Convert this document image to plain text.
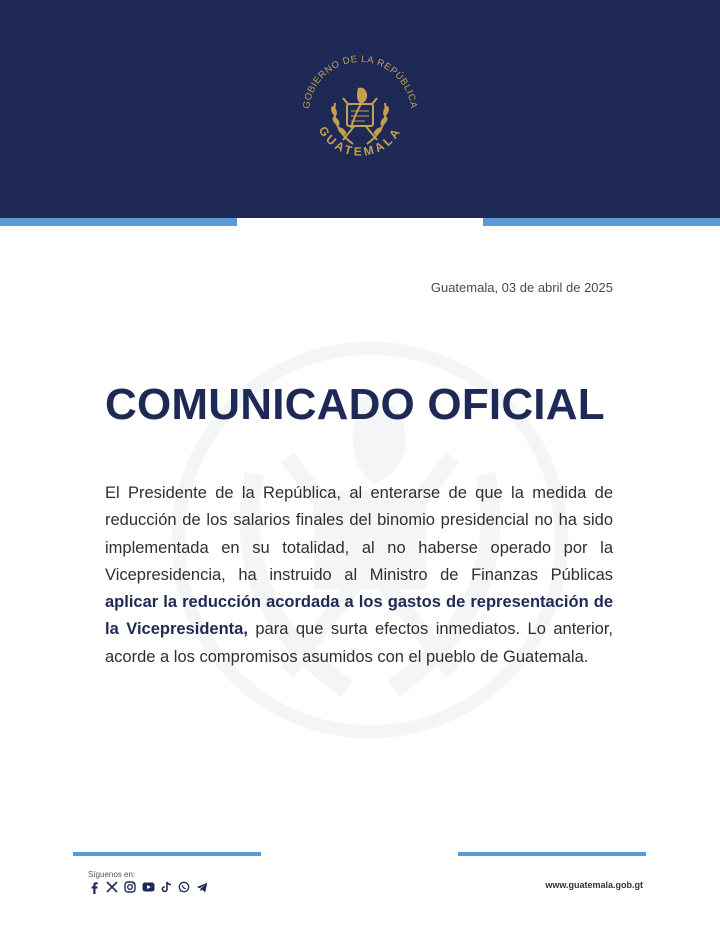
GOBIERNO DE LA REPÚBLICA
GUATEMALA
Guatemala, 03 de abril de 2025
COMUNICADO OFICIAL

El Presidente de la República, al enterarse de que la medida de reducción de los salarios finales del binomio presidencial no ha sido implementada en su totalidad, al no haberse operado por la Vicepresidencia, ha instruido al Ministro de Finanzas Públicas aplicar la reducción acordada a los gastos de representación de la Vicepresidenta, para que surta efectos inmediatos. Lo anterior, acorde a los compromisos asumidos con el pueblo de Guatemala.

Síguenos en:
www.guatemala.gob.gt
